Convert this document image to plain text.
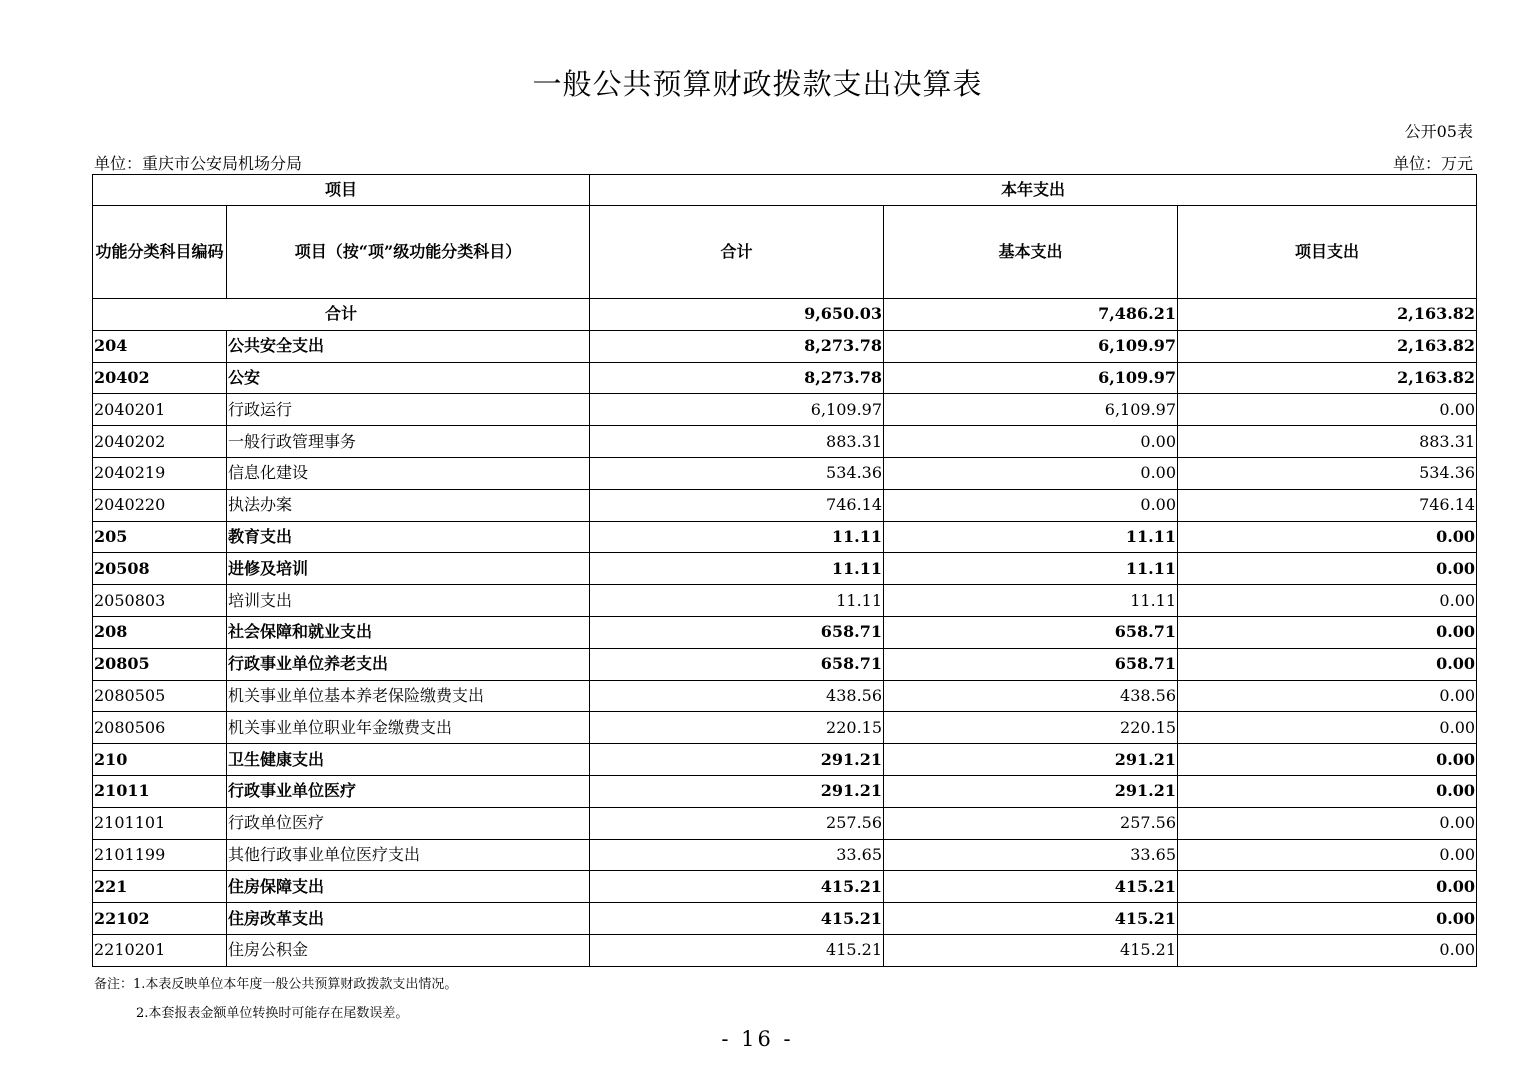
一般公共预算财政拨款支出决算表
公开05表
单位：重庆市公安局机场分局	单位：万元
项目		本年支出		
功能分类科目编码	项目（按“项”级功能分类科目）	合计	基本支出	项目支出
合计		9,650.03	7,486.21	2,163.82
204	公共安全支出	8,273.78	6,109.97	2,163.82
20402	公安	8,273.78	6,109.97	2,163.82
2040201	行政运行	6,109.97	6,109.97	0.00
2040202	一般行政管理事务	883.31	0.00	883.31
2040219	信息化建设	534.36	0.00	534.36
2040220	执法办案	746.14	0.00	746.14
205	教育支出	11.11	11.11	0.00
20508	进修及培训	11.11	11.11	0.00
2050803	培训支出	11.11	11.11	0.00
208	社会保障和就业支出	658.71	658.71	0.00
20805	行政事业单位养老支出	658.71	658.71	0.00
2080505	机关事业单位基本养老保险缴费支出	438.56	438.56	0.00
2080506	机关事业单位职业年金缴费支出	220.15	220.15	0.00
210	卫生健康支出	291.21	291.21	0.00
21011	行政事业单位医疗	291.21	291.21	0.00
2101101	行政单位医疗	257.56	257.56	0.00
2101199	其他行政事业单位医疗支出	33.65	33.65	0.00
221	住房保障支出	415.21	415.21	0.00
22102	住房改革支出	415.21	415.21	0.00
2210201	住房公积金	415.21	415.21	0.00
备注：1.本表反映单位本年度一般公共预算财政拨款支出情况。
2.本套报表金额单位转换时可能存在尾数误差。
- 16 -
